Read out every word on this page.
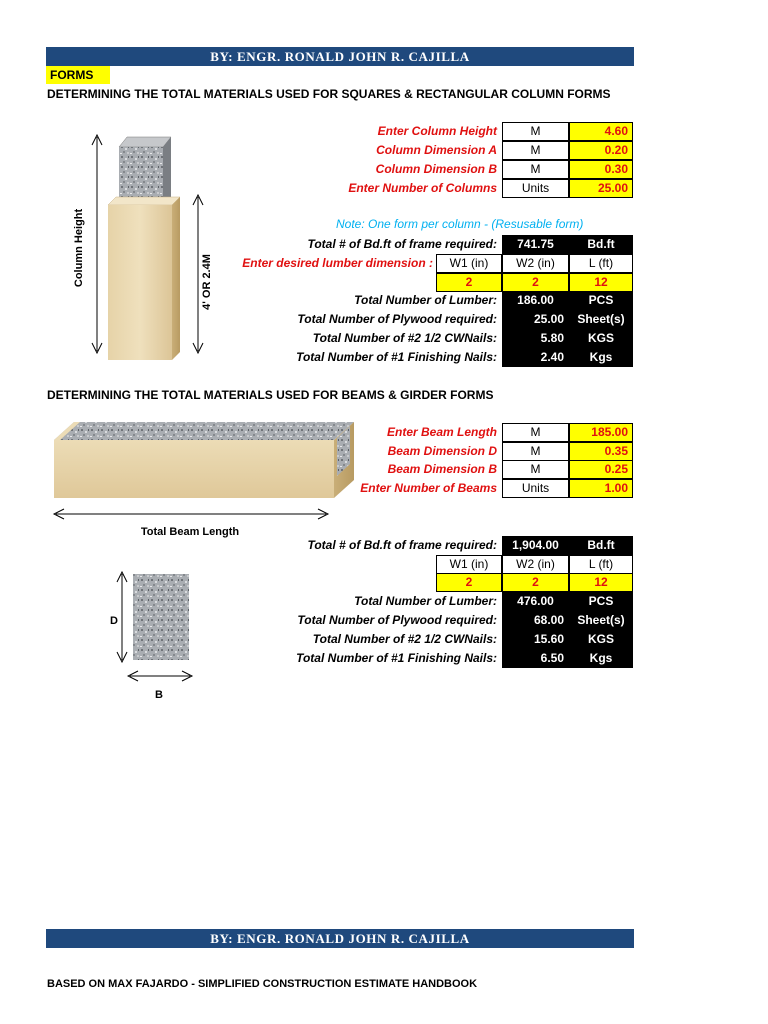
BY: ENGR. RONALD JOHN R. CAJILLA
FORMS
DETERMINING THE TOTAL MATERIALS USED FOR SQUARES & RECTANGULAR COLUMN FORMS
Column Height	4' OR 2.4M
Enter Column Height	M	4.60
Column Dimension A	M	0.20
Column Dimension B	M	0.30
Enter Number of Columns	Units	25.00
Note: One form per column - (Resusable form)
Total # of Bd.ft of frame required:	741.75	Bd.ft
Enter desired lumber dimension :	W1 (in)	W2 (in)	L (ft)
2	2	12
Total Number of Lumber:	186.00	PCS
Total Number of Plywood required:	25.00	Sheet(s)
Total Number of #2 1/2 CWNails:	5.80	KGS
Total Number of #1 Finishing Nails:	2.40	Kgs
DETERMINING THE TOTAL MATERIALS USED FOR BEAMS & GIRDER FORMS
Total Beam Length
Enter Beam Length	M	185.00
Beam Dimension D	M	0.35
Beam Dimension B	M	0.25
Enter Number of Beams	Units	1.00
Total # of Bd.ft of frame required:	1,904.00	Bd.ft
W1 (in)	W2 (in)	L (ft)
2	2	12
Total Number of Lumber:	476.00	PCS
Total Number of Plywood required:	68.00	Sheet(s)
Total Number of #2 1/2 CWNails:	15.60	KGS
Total Number of #1 Finishing Nails:	6.50	Kgs
D
B
BY: ENGR. RONALD JOHN R. CAJILLA
BASED ON MAX FAJARDO - SIMPLIFIED CONSTRUCTION ESTIMATE HANDBOOK
